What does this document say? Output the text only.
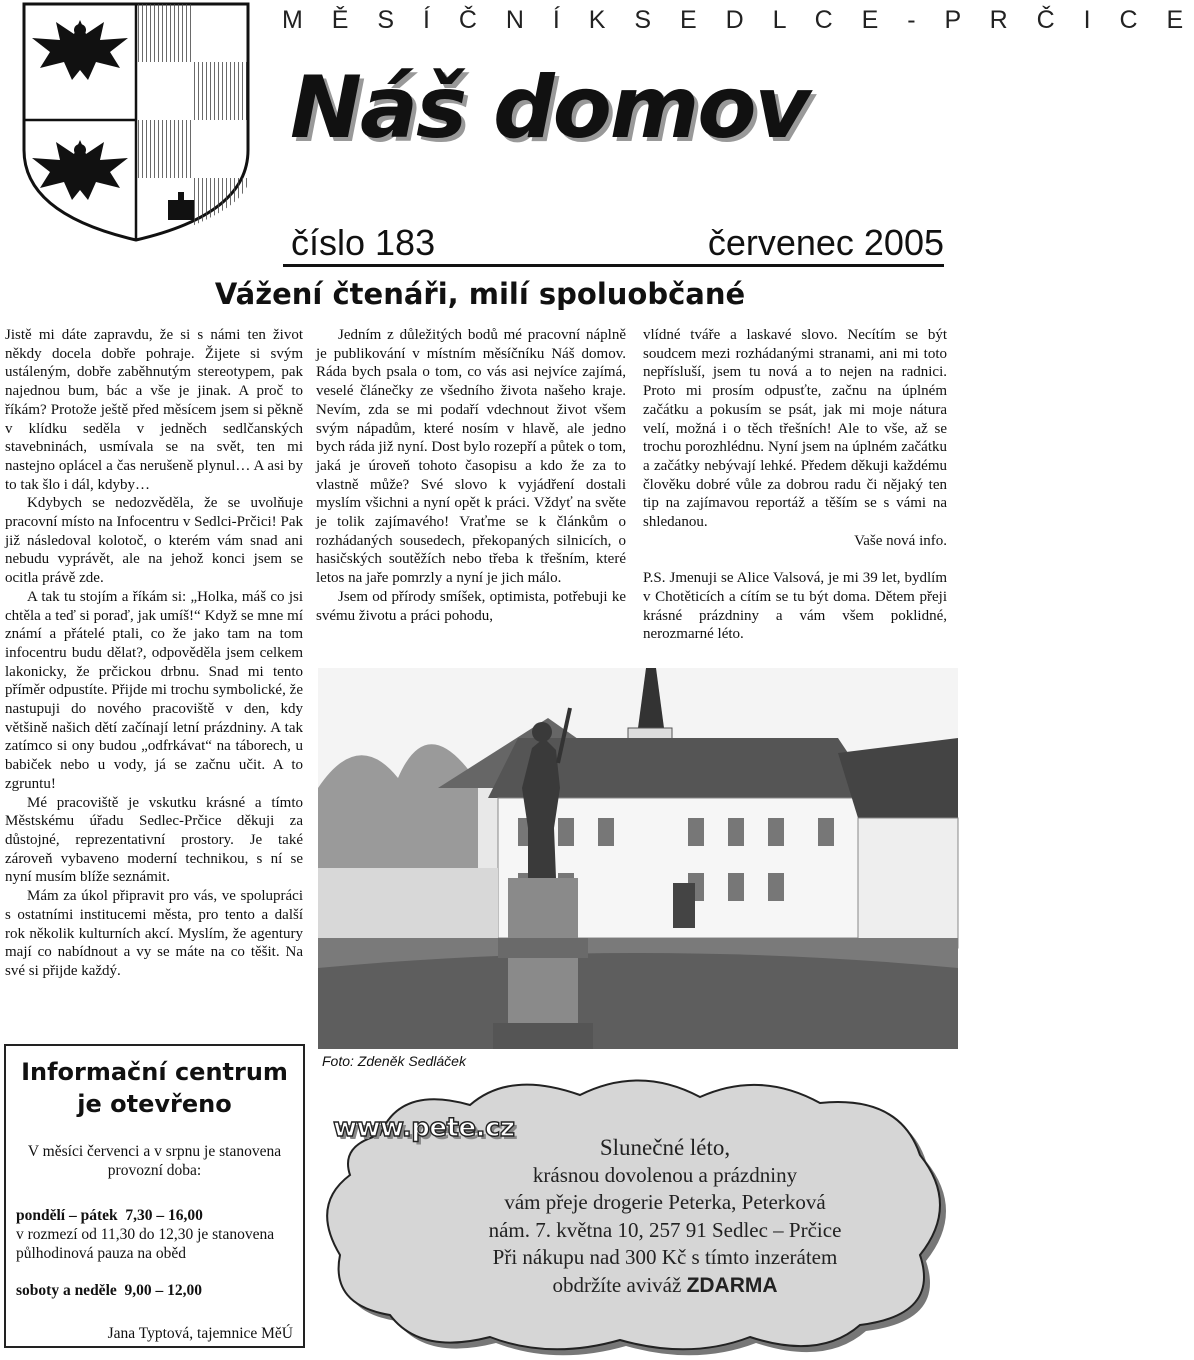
M Ě S Í Č N Í K S E D L C E - P R Č I C E
Náš domov
číslo 183	červenec 2005
Vážení čtenáři, milí spoluobčané

Jistě mi dáte zapravdu, že si s námi ten život někdy docela dobře pohraje. Žijete si svým ustáleným, dobře zaběhnutým stereotypem, pak najednou bum, bác a vše je jinak. A proč to říkám? Protože ještě před měsícem jsem si pěkně v klídku seděla v jedněch sedlčanských stavebninách, usmívala se na svět, ten mi nastejno oplácel a čas nerušeně plynul… A asi by to tak šlo i dál, kdyby…

Kdybych se nedozvěděla, že se uvolňuje pracovní místo na Infocentru v Sedlci-Prčici! Pak již následoval kolotoč, o kterém vám snad ani nebudu vyprávět, ale na jehož konci jsem se ocitla právě zde.

A tak tu stojím a říkám si: „Holka, máš co jsi chtěla a teď si poraď, jak umíš!“ Když se mne mí známí a přátelé ptali, co že jako tam na tom infocentru budu dělat?, odpověděla jsem celkem lakonicky, že prčickou drbnu. Snad mi tento příměr odpustíte. Přijde mi trochu symbolické, že nastupuji do nového pracoviště v den, kdy většině našich dětí začínají letní prázdniny. A tak zatímco si ony budou „odfrkávat“ na táborech, u babiček nebo u vody, já se začnu učit. A to zgruntu!

Mé pracoviště je vskutku krásné a tímto Městskému úřadu Sedlec-Prčice děkuji za důstojné, reprezentativní prostory. Je také zároveň vybaveno moderní technikou, s ní se nyní musím blíže seznámit.

Mám za úkol připravit pro vás, ve spolupráci s ostatními institucemi města, pro tento a další rok několik kulturních akcí. Myslím, že agentury mají co nabídnout a vy se máte na co těšit. Na své si přijde každý.

Jedním z důležitých bodů mé pracovní náplně je publikování v místním měsíčníku Náš domov. Ráda bych psala o tom, co vás asi nejvíce zajímá, veselé článečky ze všedního života našeho kraje. Nevím, zda se mi podaří vdechnout život všem svým nápadům, které nosím v hlavě, ale jedno bych ráda již nyní. Dost bylo rozepří a půtek o tom, jaká je úroveň tohoto časopisu a kdo že za to vlastně může? Své slovo k vyjádření dostali myslím všichni a nyní opět k práci. Vždyť na světe je tolik zajímavého! Vraťme se k článkům o rozhádaných sousedech, překopaných silnicích, o hasičských soutěžích nebo třeba k třešním, které letos na jaře pomrzly a nyní je jich málo.

Jsem od přírody smíšek, optimista, potřebuji ke svému životu a práci pohodu,

vlídné tváře a laskavé slovo. Necítím se být soudcem mezi rozhádanými stranami, ani mi toto nepřísluší, jsem tu nová a to nejen na radnici. Proto mi prosím odpusťte, začnu na úplném začátku a pokusím se psát, jak mi moje nátura velí, možná i o těch třešních! Ale to vše, až se trochu porozhlédnu. Nyní jsem na úplném začátku a začátky nebývají lehké. Předem děkuji každému člověku dobré vůle za dobrou radu či nějaký ten tip na zajímavou reportáž a těším se s vámi na shledanou.

Vaše nová info.

P.S. Jmenuji se Alice Valsová, je mi 39 let, bydlím v Chotěticích a cítím se tu být doma. Dětem přeji krásné prázdniny a vám všem poklidné, nerozmarné léto.

Foto: Zdeněk Sedláček
Informační centrum
je otevřeno
V měsíci červenci a v srpnu je stanovena provozní doba:
pondělí – pátek 7,30 – 16,00
v rozmezí od 11,30 do 12,30 je stanovena půlhodinová pauza na oběd
soboty a neděle 9,00 – 12,00
Jana Typtová, tajemnice MěÚ
www.pete.cz
Slunečné léto,
krásnou dovolenou a prázdniny
vám přeje drogerie Peterka, Peterková
nám. 7. května 10, 257 91 Sedlec – Prčice
Při nákupu nad 300 Kč s tímto inzerátem
obdržíte aviváž ZDARMA
